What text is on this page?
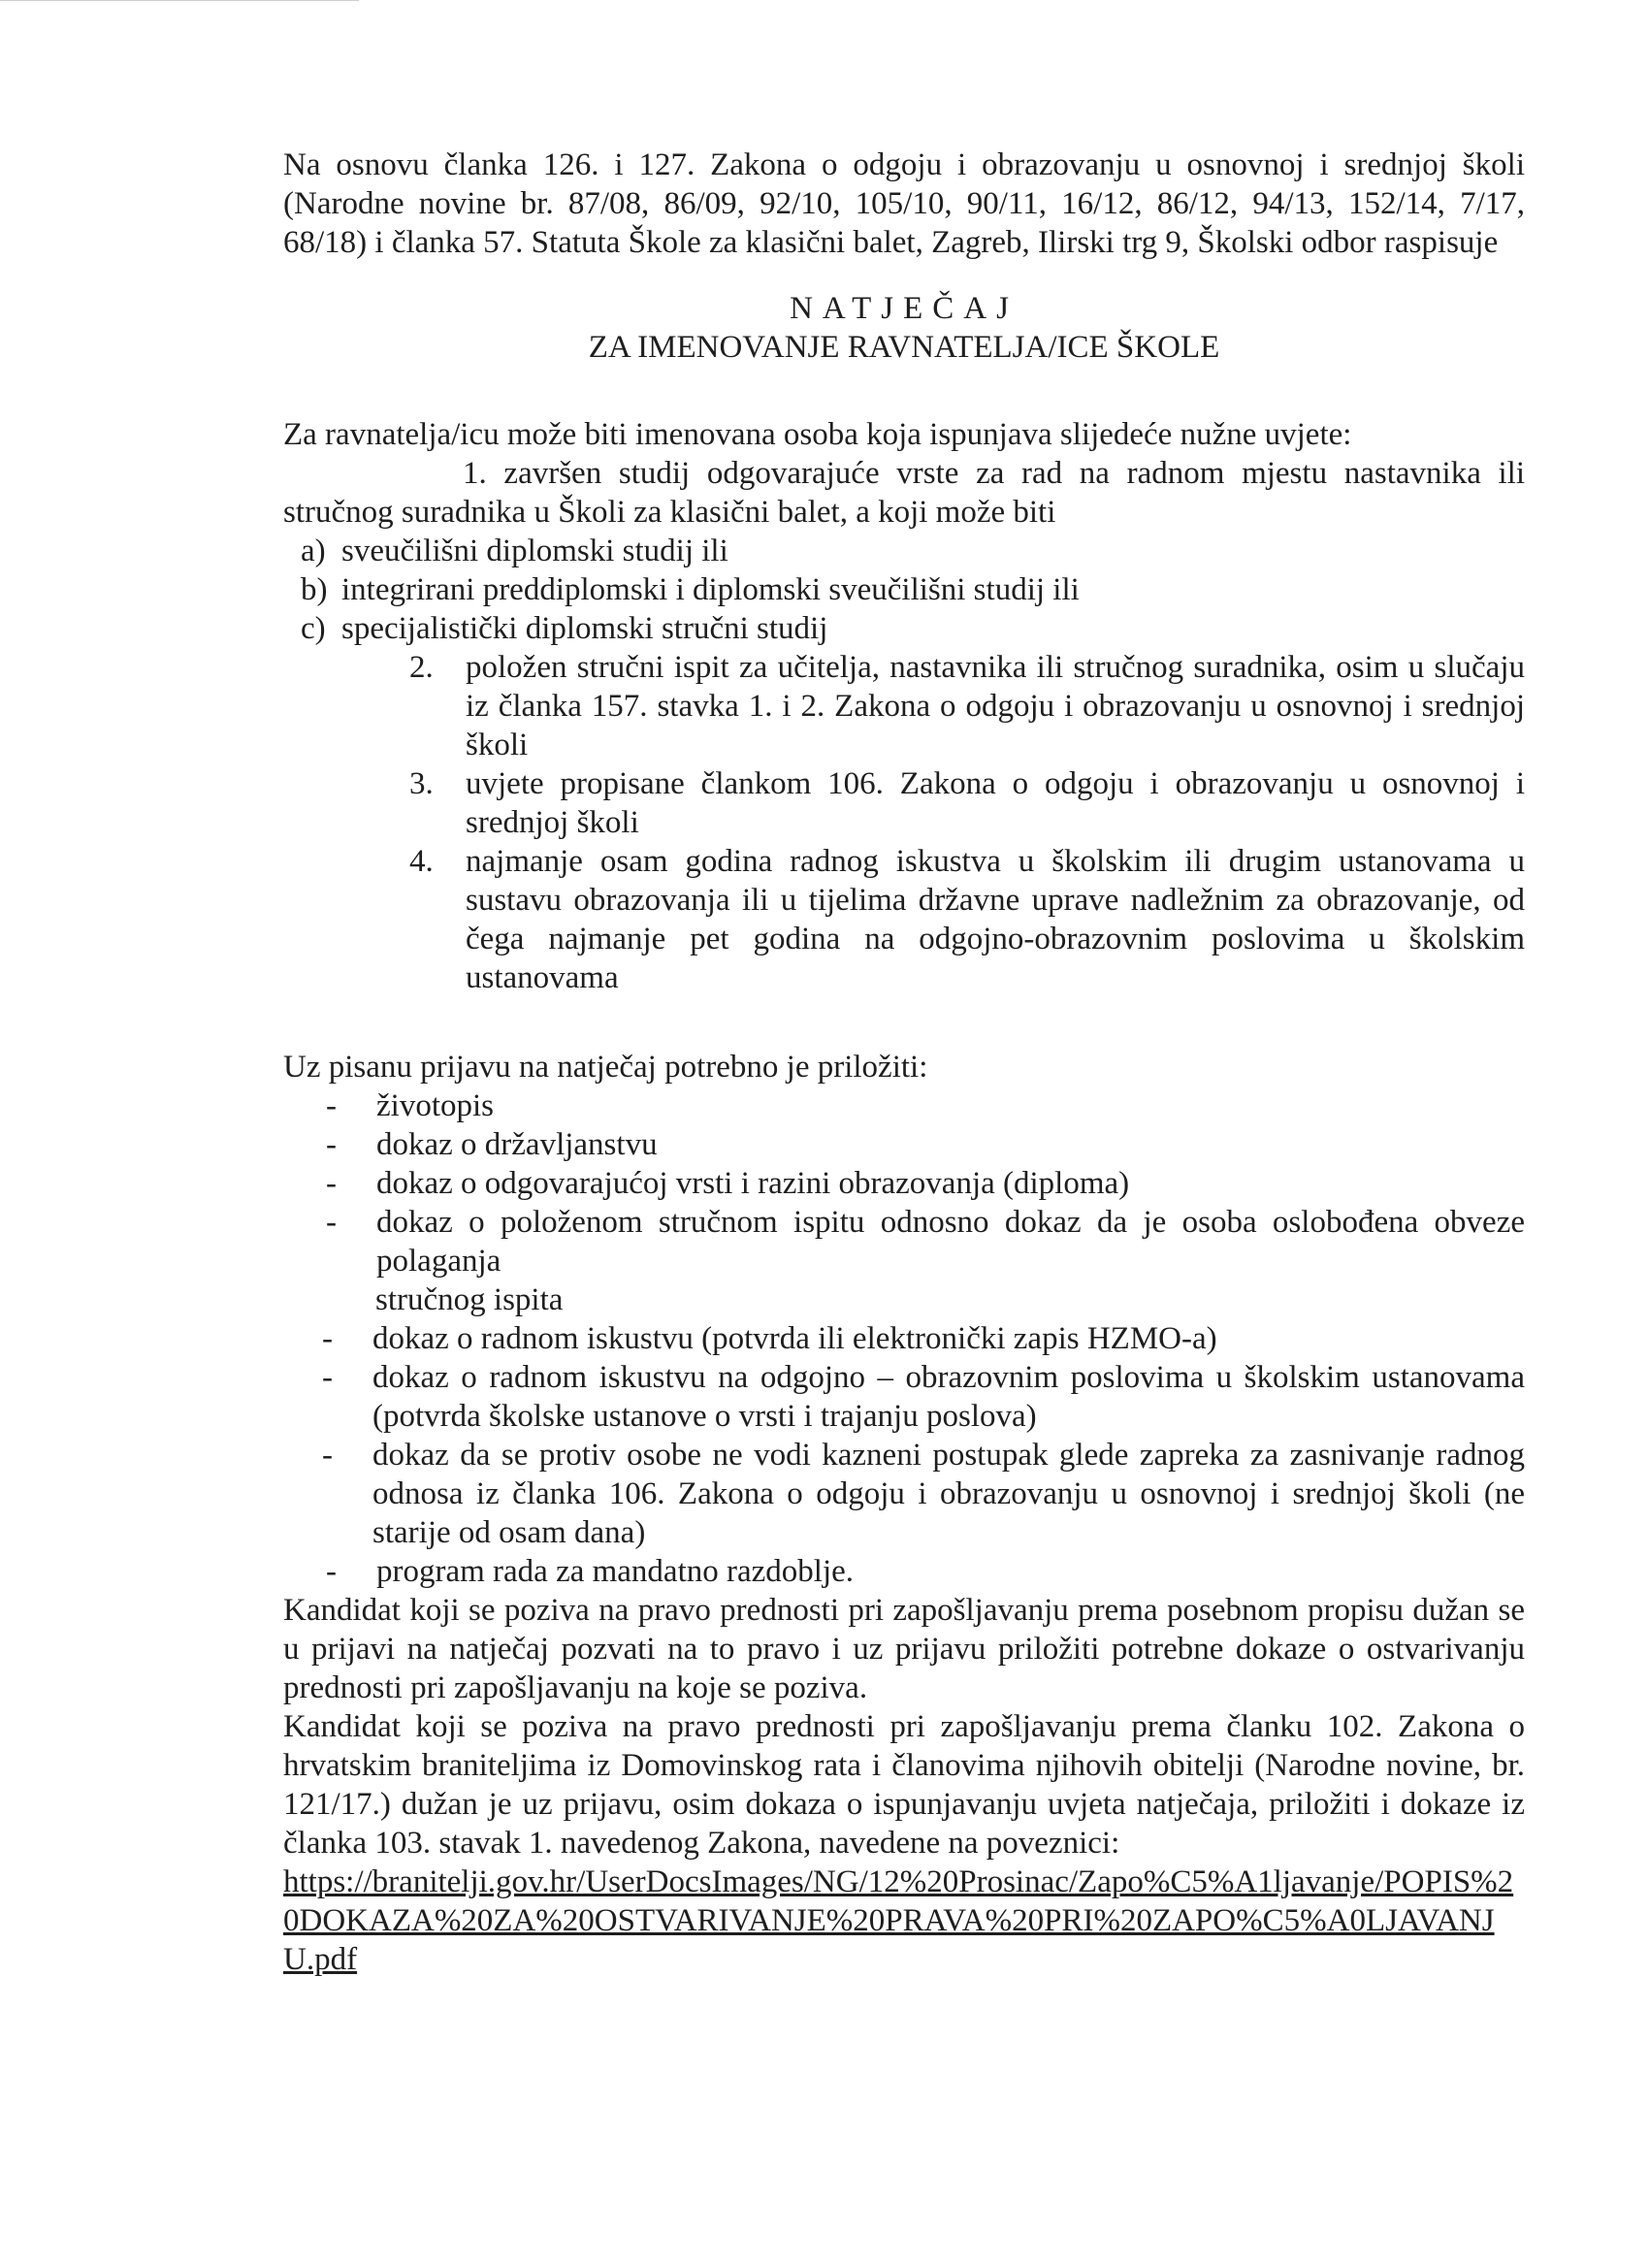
Na osnovu članka 126. i 127. Zakona o odgoju i obrazovanju u osnovnoj i srednjoj školi (Narodne novine br. 87/08, 86/09, 92/10, 105/10, 90/11, 16/12, 86/12, 94/13, 152/14, 7/17, 68/18) i članka 57. Statuta Škole za klasični balet, Zagreb, Ilirski trg 9, Školski odbor raspisuje

NATJEČAJ

ZA IMENOVANJE RAVNATELJA/ICE ŠKOLE

Za ravnatelja/icu može biti imenovana osoba koja ispunjava slijedeće nužne uvjete:

1. završen studij odgovarajuće vrste za rad na radnom mjestu nastavnika ili stručnog suradnika u Školi za klasični balet, a koji može biti

a) sveučilišni diplomski studij ili
b) integrirani preddiplomski i diplomski sveučilišni studij ili
c) specijalistički diplomski stručni studij
2.	položen stručni ispit za učitelja, nastavnika ili stručnog suradnika, osim u slučaju iz članka 157. stavka 1. i 2. Zakona o odgoju i obrazovanju u osnovnoj i srednjoj školi
3.	uvjete propisane člankom 106. Zakona o odgoju i obrazovanju u osnovnoj i srednjoj školi
4.	najmanje osam godina radnog iskustva u školskim ili drugim ustanovama u sustavu obrazovanja ili u tijelima državne uprave nadležnim za obrazovanje, od čega najmanje pet godina na odgojno-obrazovnim poslovima u školskim ustanovama

Uz pisanu prijavu na natječaj potrebno je priložiti:

-	životopis
-	dokaz o državljanstvu
-	dokaz o odgovarajućoj vrsti i razini obrazovanja (diploma)
-	dokaz o položenom stručnom ispitu odnosno dokaz da je osoba oslobođena obveze polaganja

stručnog ispita

-	dokaz o radnom iskustvu (potvrda ili elektronički zapis HZMO-a)
-	dokaz o radnom iskustvu na odgojno – obrazovnim poslovima u školskim ustanovama (potvrda školske ustanove o vrsti i trajanju poslova)
-	dokaz da se protiv osobe ne vodi kazneni postupak glede zapreka za zasnivanje radnog odnosa iz članka 106. Zakona o odgoju i obrazovanju u osnovnoj i srednjoj školi (ne starije od osam dana)
-	program rada za mandatno razdoblje.

Kandidat koji se poziva na pravo prednosti pri zapošljavanju prema posebnom propisu dužan se u prijavi na natječaj pozvati na to pravo i uz prijavu priložiti potrebne dokaze o ostvarivanju prednosti pri zapošljavanju na koje se poziva.

Kandidat koji se poziva na pravo prednosti pri zapošljavanju prema članku 102. Zakona o hrvatskim braniteljima iz Domovinskog rata i članovima njihovih obitelji (Narodne novine, br. 121/17.) dužan je uz prijavu, osim dokaza o ispunjavanju uvjeta natječaja, priložiti i dokaze iz članka 103. stavak 1. navedenog Zakona, navedene na poveznici:

https://branitelji.gov.hr/UserDocsImages/NG/12%20Prosinac/Zapo%C5%A1ljavanje/POPIS%20DOKAZA%20ZA%20OSTVARIVANJE%20PRAVA%20PRI%20ZAPO%C5%A0LJAVANJU.pdf
